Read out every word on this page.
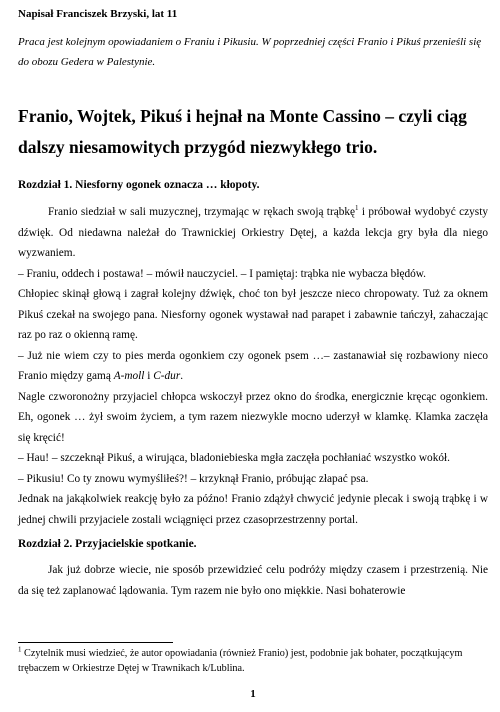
Napisał Franciszek Brzyski, lat 11
Praca jest kolejnym opowiadaniem o Franiu i Pikusiu. W poprzedniej części Franio i Pikuś przenieśli się do obozu Gedera w Palestynie.
Franio, Wojtek, Pikuś i hejnał na Monte Cassino – czyli ciąg dalszy niesamowitych przygód niezwykłego trio.
Rozdział 1. Niesforny ogonek oznacza … kłopoty.

Franio siedział w sali muzycznej, trzymając w rękach swoją trąbkę$^1$ i próbował wydobyć czysty dźwięk. Od niedawna należał do Trawnickiej Orkiestry Dętej, a każda lekcja gry była dla niego wyzwaniem.

– Franiu, oddech i postawa! – mówił nauczyciel. – I pamiętaj: trąbka nie wybacza błędów.

Chłopiec skinął głową i zagrał kolejny dźwięk, choć ton był jeszcze nieco chropowaty. Tuż za oknem Pikuś czekał na swojego pana. Niesforny ogonek wystawał nad parapet i zabawnie tańczył, zahaczając raz po raz o okienną ramę.

– Już nie wiem czy to pies merda ogonkiem czy ogonek psem …– zastanawiał się rozbawiony nieco Franio między gamą A-moll i C-dur.

Nagle czworonożny przyjaciel chłopca wskoczył przez okno do środka, energicznie kręcąc ogonkiem. Eh, ogonek … żył swoim życiem, a tym razem niezwykle mocno uderzył w klamkę. Klamka zaczęła się kręcić!

– Hau! – szczeknął Pikuś, a wirująca, bladoniebieska mgła zaczęła pochłaniać wszystko wokół.

– Pikusiu! Co ty znowu wymyśliłeś?! – krzyknął Franio, próbując złapać psa.

Jednak na jakąkolwiek reakcję było za późno! Franio zdążył chwycić jedynie plecak i swoją trąbkę i w jednej chwili przyjaciele zostali wciągnięci przez czasoprzestrzenny portal.

Rozdział 2. Przyjacielskie spotkanie.

Jak już dobrze wiecie, nie sposób przewidzieć celu podróży między czasem i przestrzenią. Nie da się też zaplanować lądowania. Tym razem nie było ono miękkie. Nasi bohaterowie

$^1$ Czytelnik musi wiedzieć, że autor opowiadania (również Franio) jest, podobnie jak bohater, początkującym trębaczem w Orkiestrze Dętej w Trawnikach k/Lublina.
1
